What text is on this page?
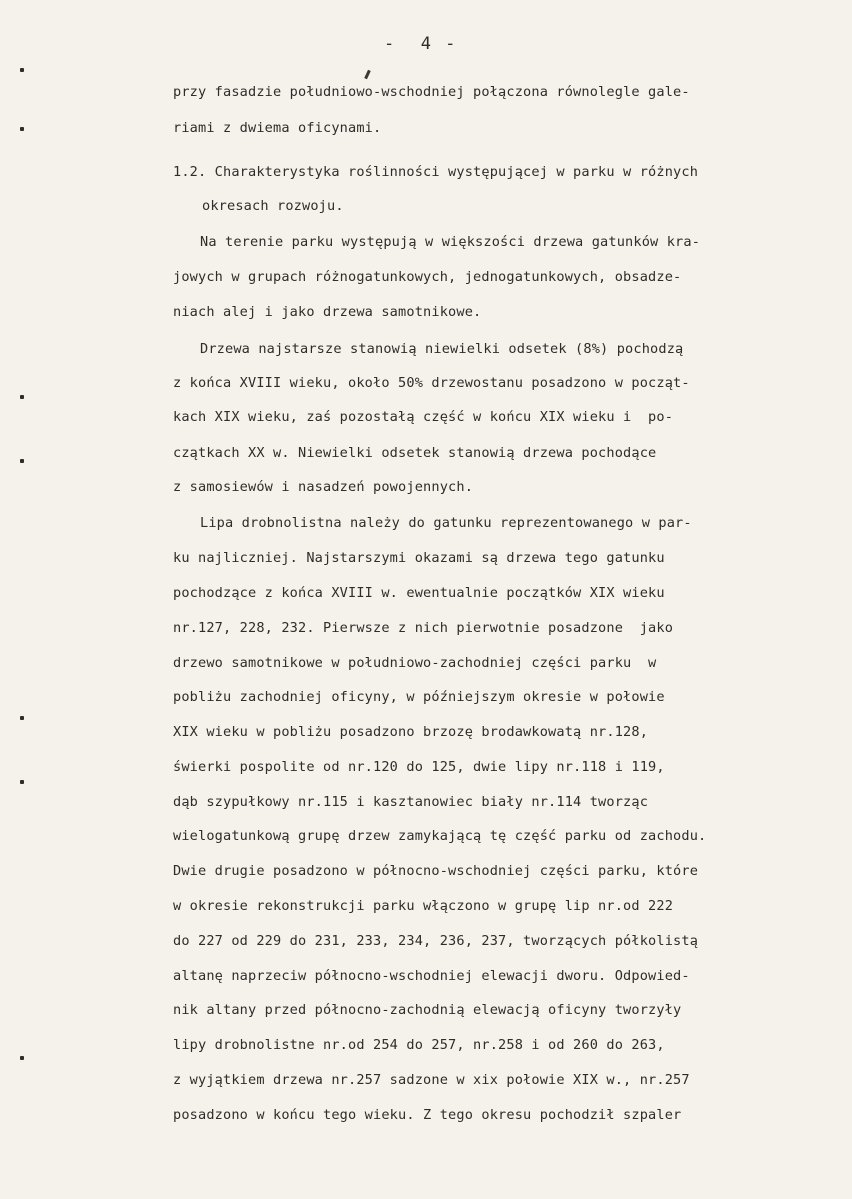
-  4 -
przy fasadzie południowo-wschodniej połączona równolegle gale-
riami z dwiema oficynami.
1.2. Charakterystyka roślinności występującej w parku w różnych
okresach rozwoju.
Na terenie parku występują w większości drzewa gatunków kra-
jowych w grupach różnogatunkowych, jednogatunkowych, obsadze-
niach alej i jako drzewa samotnikowe.
Drzewa najstarsze stanowią niewielki odsetek (8%) pochodzą
z końca XVIII wieku, około 50% drzewostanu posadzono w począt-
kach XIX wieku, zaś pozostałą część w końcu XIX wieku i  po-
czątkach XX w. Niewielki odsetek stanowią drzewa pochodące
z samosiewów i nasadzeń powojennych.
Lipa drobnolistna należy do gatunku reprezentowanego w par-
ku najliczniej. Najstarszymi okazami są drzewa tego gatunku
pochodzące z końca XVIII w. ewentualnie początków XIX wieku
nr.127, 228, 232. Pierwsze z nich pierwotnie posadzone  jako
drzewo samotnikowe w południowo-zachodniej części parku  w
pobliżu zachodniej oficyny, w późniejszym okresie w połowie
XIX wieku w pobliżu posadzono brzozę brodawkowatą nr.128,
świerki pospolite od nr.120 do 125, dwie lipy nr.118 i 119,
dąb szypułkowy nr.115 i kasztanowiec biały nr.114 tworząc
wielogatunkową grupę drzew zamykającą tę część parku od zachodu.
Dwie drugie posadzono w północno-wschodniej części parku, które
w okresie rekonstrukcji parku włączono w grupę lip nr.od 222
do 227 od 229 do 231, 233, 234, 236, 237, tworzących półkolistą
altanę naprzeciw północno-wschodniej elewacji dworu. Odpowied-
nik altany przed północno-zachodnią elewacją oficyny tworzyły
lipy drobnolistne nr.od 254 do 257, nr.258 i od 260 do 263,
z wyjątkiem drzewa nr.257 sadzone w xix połowie XIX w., nr.257
posadzono w końcu tego wieku. Z tego okresu pochodził szpaler
